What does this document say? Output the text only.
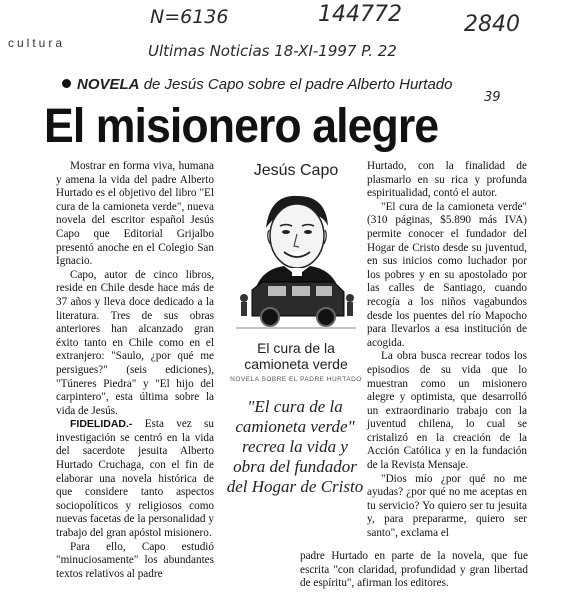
N=6136	144772	2840
Ultimas Noticias 18-XI-1997 P. 22
39
cultura
NOVELA de Jesús Capo sobre el padre Alberto Hurtado
El misionero alegre

Mostrar en forma viva, humana y amena la vida del padre Alberto Hurtado es el objetivo del libro "El cura de la camioneta verde", nueva novela del escritor español Jesús Capo que Editorial Grijalbo presentó anoche en el Colegio San Ignacio.

Capo, autor de cinco libros, reside en Chile desde hace más de 37 años y lleva doce dedicado a la literatura. Tres de sus obras anteriores han alcanzado gran éxito tanto en Chile como en el extranjero: "Saulo, ¿por qué me persigues?" (seis ediciones), "Túneres Piedra" y "El hijo del carpintero", esta última sobre la vida de Jesús.

FIDELIDAD.- Esta vez su investigación se centró en la vida del sacerdote jesuita Alberto Hurtado Cruchaga, con el fin de elaborar una novela histórica de que considere tanto aspectos sociopolíticos y religiosos como nuevas facetas de la personalidad y trabajo del gran apóstol misionero.

Para ello, Capo estudió "minuciosamente" los abundantes textos relativos al padre

Jesús Capo
El cura de la camioneta verde
NOVELA SOBRE EL PADRE HURTADO
"El cura de la camioneta verde" recrea la vida y obra del fundador del Hogar de Cristo

Hurtado, con la finalidad de plasmarlo en su rica y profunda espiritualidad, contó el autor.

"El cura de la camioneta verde" (310 páginas, $5.890 más IVA) permite conocer el fundador del Hogar de Cristo desde su juventud, en sus inicios como luchador por los pobres y en su apostolado por las calles de Santiago, cuando recogía a los niños vagabundos desde los puentes del río Mapocho para llevarlos a esa institución de acogida.

La obra busca recrear todos los episodios de su vida que lo muestran como un misionero alegre y optimista, que desarrolló un extraordinario trabajo con la juventud chilena, lo cual se cristalizó en la creación de la Acción Católica y en la fundación de la Revista Mensaje.

"Dios mío ¿por qué no me ayudas? ¿por qué no me aceptas en tu servicio? Yo quiero ser tu jesuita y, para prepararme, quiero ser santo", exclama el

padre Hurtado en parte de la novela, que fue escrita "con claridad, profundidad y gran libertad de espíritu", afirman los editores.
